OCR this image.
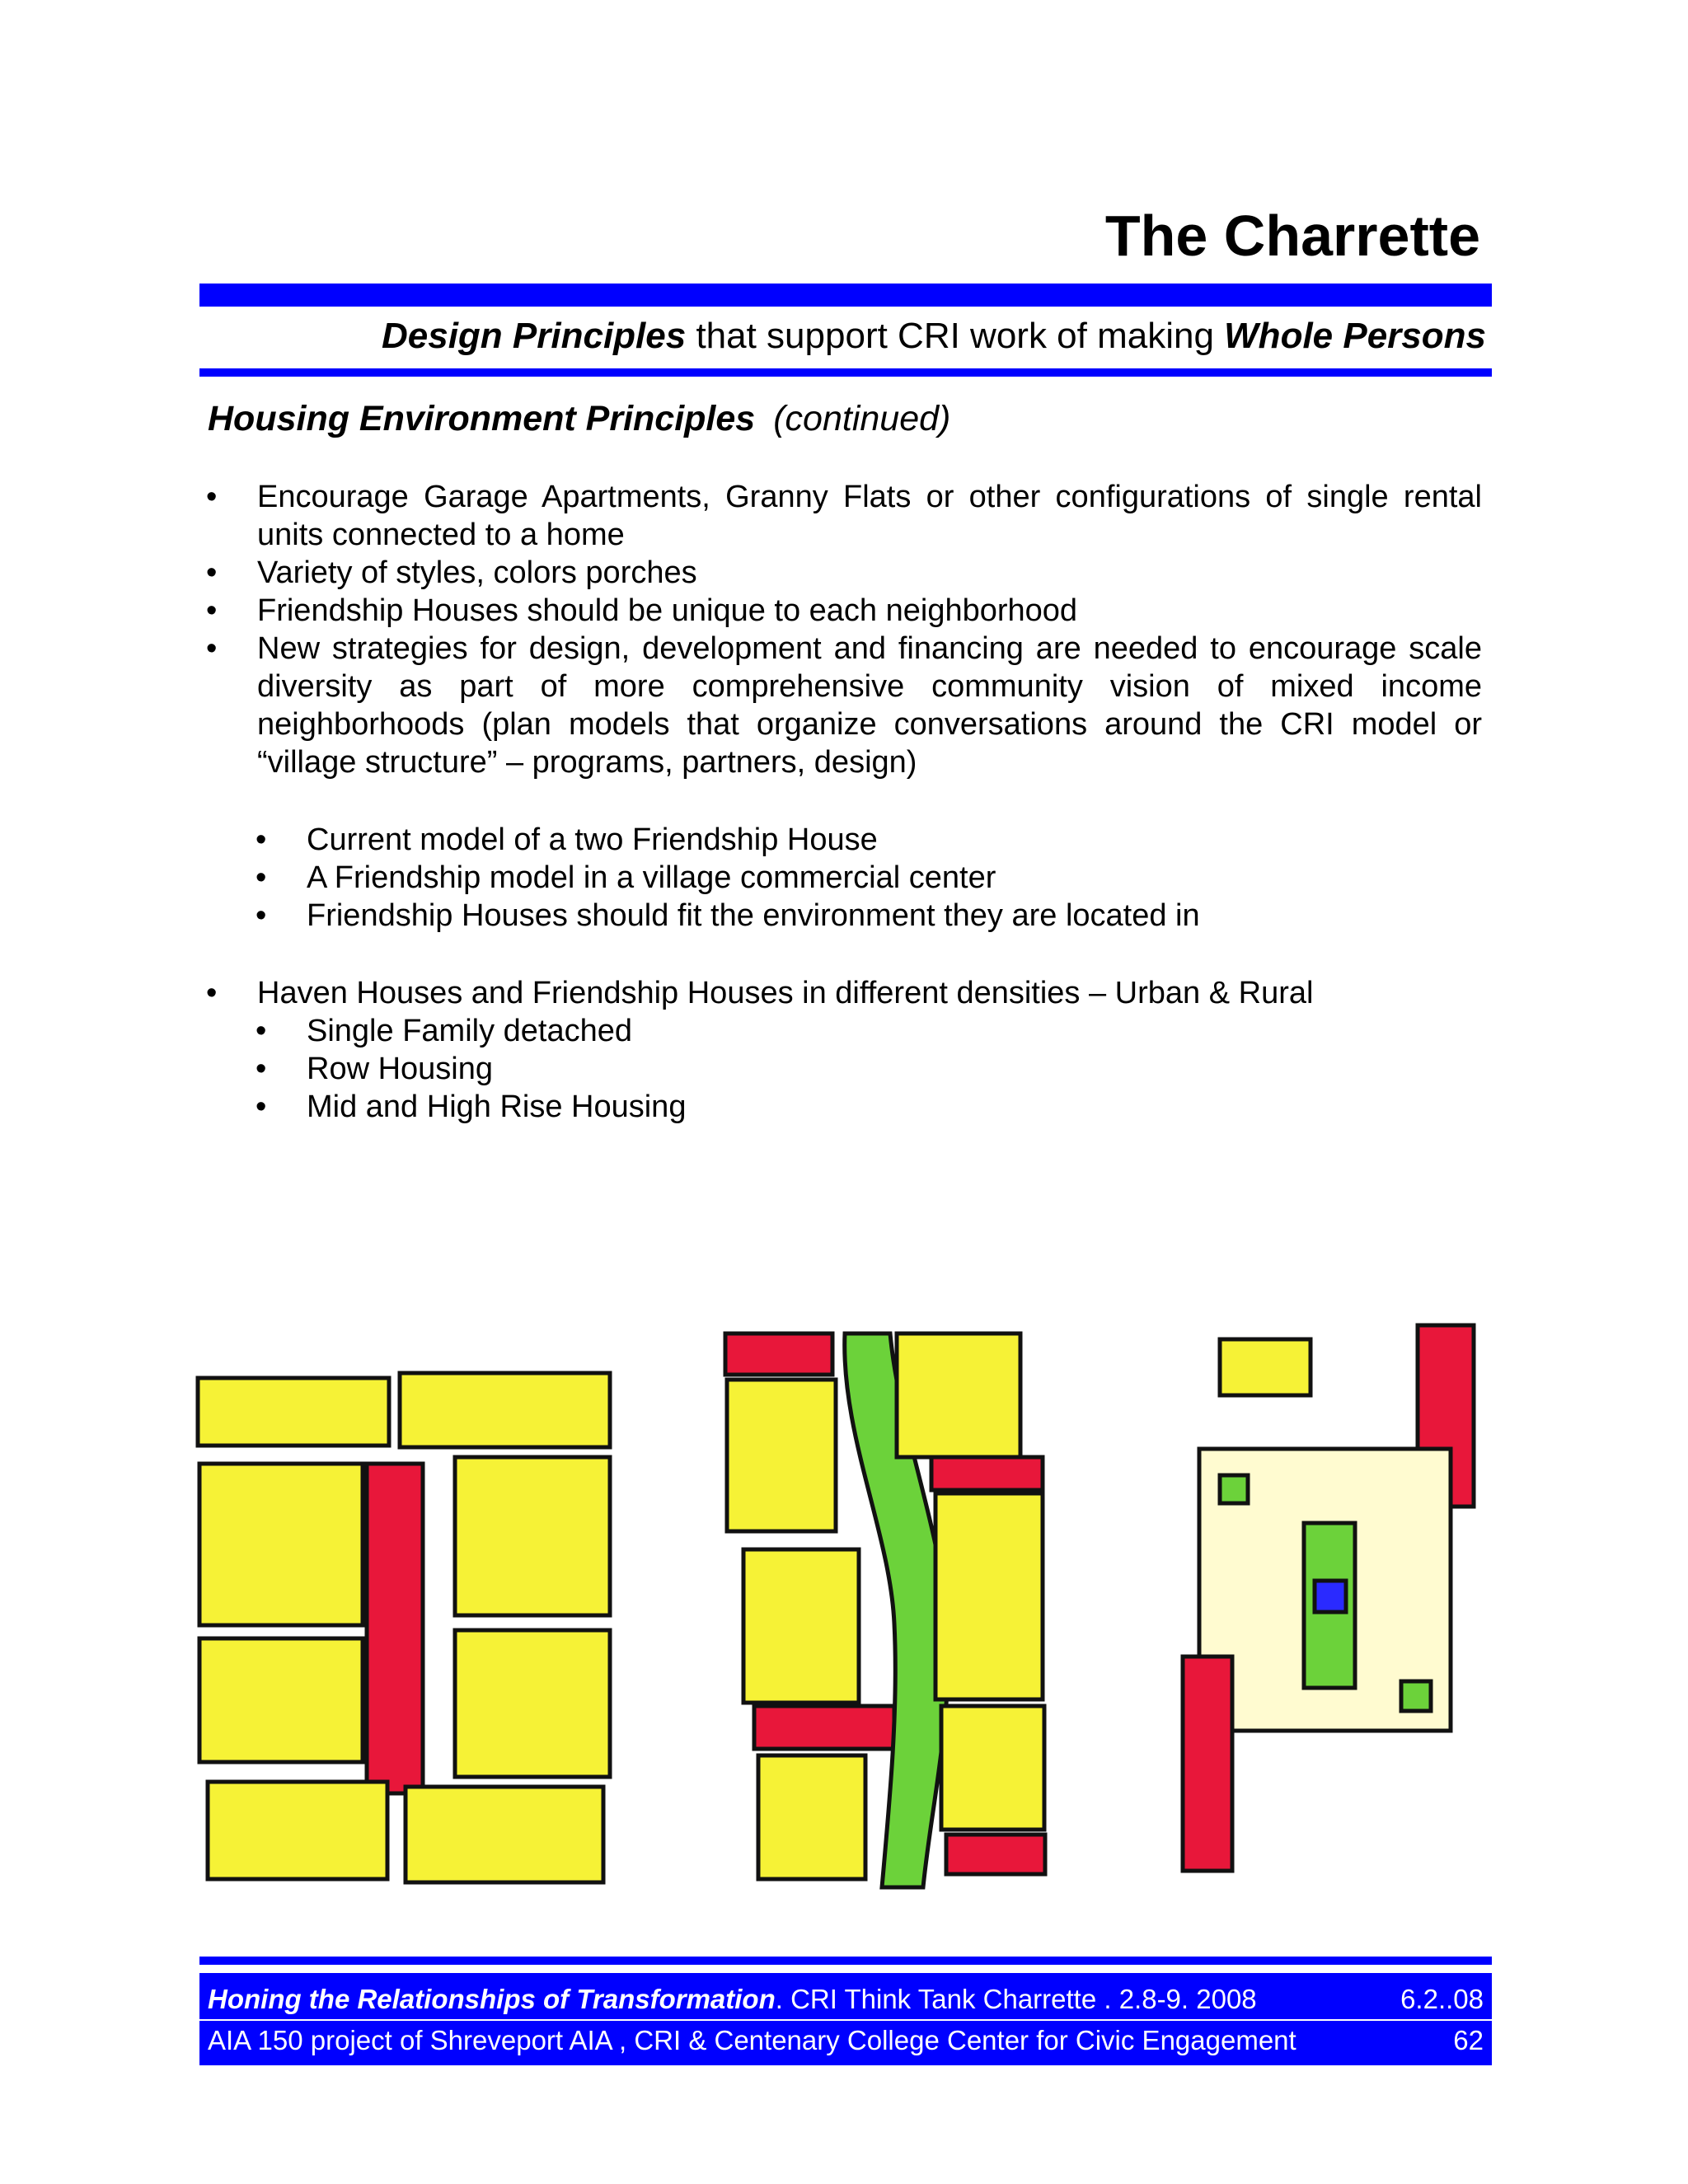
The Charrette
Design Principles that support CRI work of making Whole Persons
Housing Environment Principles (continued)
• Encourage Garage Apartments, Granny Flats or other configurations of single rental units connected to a home
• Variety of styles, colors porches
• Friendship Houses should be unique to each neighborhood
• New strategies for design, development and financing are needed to encourage scale diversity as part of more comprehensive community vision of mixed income neighborhoods (plan models that organize conversations around the CRI model or “village structure” – programs, partners, design)
• Current model of a two Friendship House
• A Friendship model in a village commercial center
• Friendship Houses should fit the environment they are located in
• Haven Houses and Friendship Houses in different densities – Urban & Rural
• Single Family detached
• Row Housing
• Mid and High Rise Housing
Honing the Relationships of Transformation. CRI Think Tank Charrette . 2.8-9. 2008	6.2..08
AIA 150 project of Shreveport AIA , CRI & Centenary College Center for Civic Engagement	62
